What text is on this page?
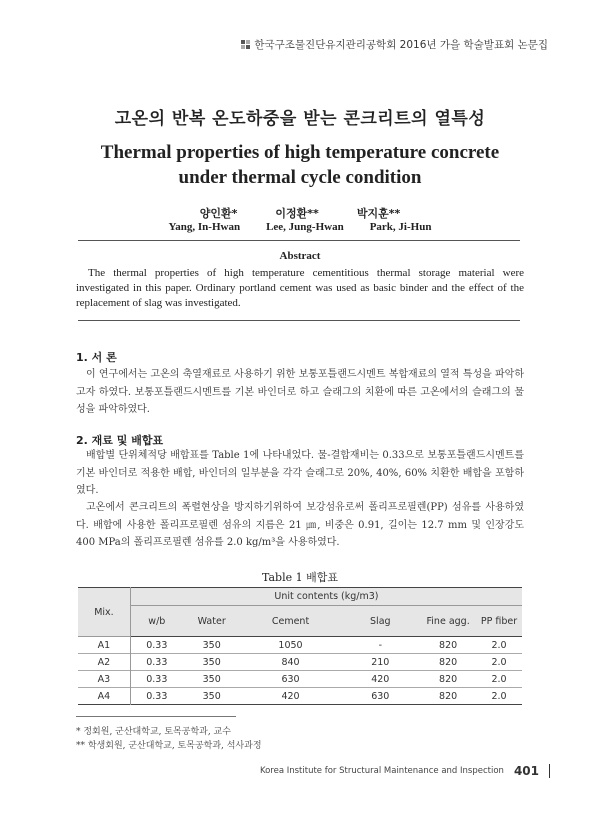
한국구조물진단유지관리공학회 2016년 가을 학술발표회 논문집
고온의 반복 온도하중을 받는 콘크리트의 열특성
Thermal properties of high temperature concrete
under thermal cycle condition
양인환*	이정환**	박지훈**
Yang, In-Hwan Lee, Jung-Hwan Park, Ji-Hun
Abstract
The thermal properties of high temperature cementitious thermal storage material were investigated in this paper. Ordinary portland cement was used as basic binder and the effect of the replacement of slag was investigated.
1. 서 론
이 연구에서는 고온의 축열재료로 사용하기 위한 보통포틀랜드시멘트 복합재료의 열적 특성을 파악하고자 하였다. 보통포틀랜드시멘트를 기본 바인더로 하고 슬래그의 치환에 따른 고온에서의 슬래그의 물성을 파악하였다.
2. 재료 및 배합표
배합별 단위체적당 배합표를 Table 1에 나타내었다. 물-결합재비는 0.33으로 보통포틀랜드시멘트를 기본 바인더로 적용한 배합, 바인더의 일부분을 각각 슬래그로 20%, 40%, 60% 치환한 배합을 포함하였다.
고온에서 콘크리트의 폭렬현상을 방지하기위하여 보강섬유로써 폴리프로필렌(PP) 섬유를 사용하였다. 배합에 사용한 폴리프로필렌 섬유의 지름은 21 ㎛, 비중은 0.91, 길이는 12.7 mm 및 인장강도 400 MPa의 폴리프로필렌 섬유를 2.0 kg/m³을 사용하였다.
Table 1 배합표
Mix.	Unit contents (kg/m3)					
	w/b	Water	Cement	Slag	Fine agg.	PP fiber
A1	0.33	350	1050	-	820	2.0
A2	0.33	350	840	210	820	2.0
A3	0.33	350	630	420	820	2.0
A4	0.33	350	420	630	820	2.0
* 정회원, 군산대학교, 토목공학과, 교수
** 학생회원, 군산대학교, 토목공학과, 석사과정
Korea Institute for Structural Maintenance and Inspection 401
